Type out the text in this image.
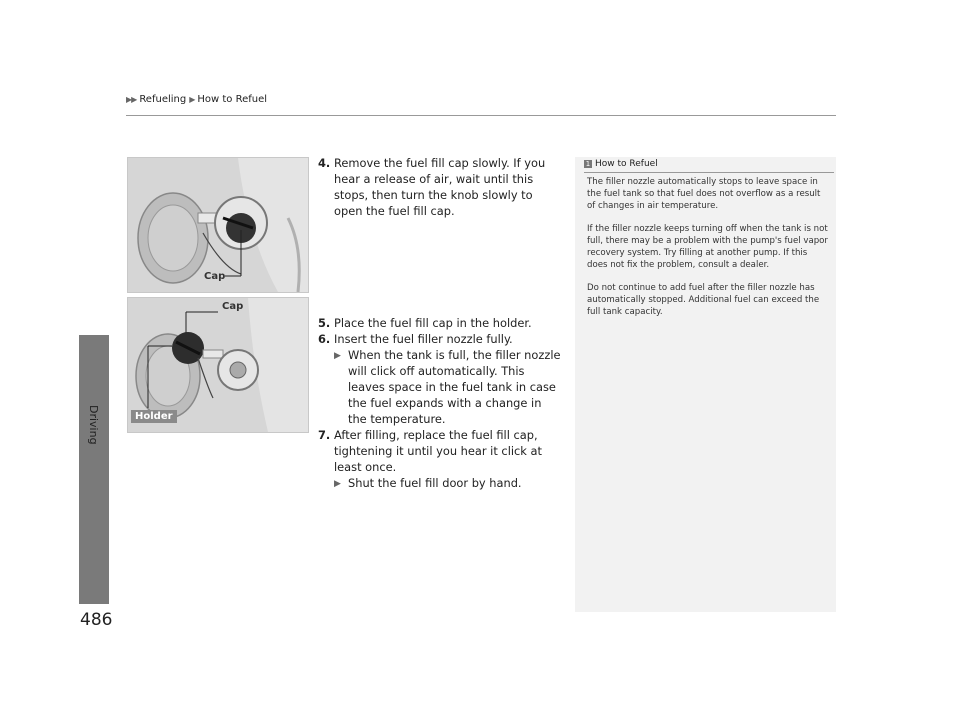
▶▶ Refueling ▶ How to Refuel
Driving
486
Cap
Cap
Holder
4. Remove the fuel fill cap slowly. If you hear a release of air, wait until this stops, then turn the knob slowly to open the fuel fill cap.
5. Place the fuel fill cap in the holder.
6. Insert the fuel filler nozzle fully.
▶ When the tank is full, the filler nozzle will click off automatically. This leaves space in the fuel tank in case the fuel expands with a change in the temperature.
7. After filling, replace the fuel fill cap, tightening it until you hear it click at least once.
▶ Shut the fuel fill door by hand.
1 How to Refuel

The filler nozzle automatically stops to leave space in the fuel tank so that fuel does not overflow as a result of changes in air temperature.

If the filler nozzle keeps turning off when the tank is not full, there may be a problem with the pump's fuel vapor recovery system. Try filling at another pump. If this does not fix the problem, consult a dealer.

Do not continue to add fuel after the filler nozzle has automatically stopped. Additional fuel can exceed the full tank capacity.
